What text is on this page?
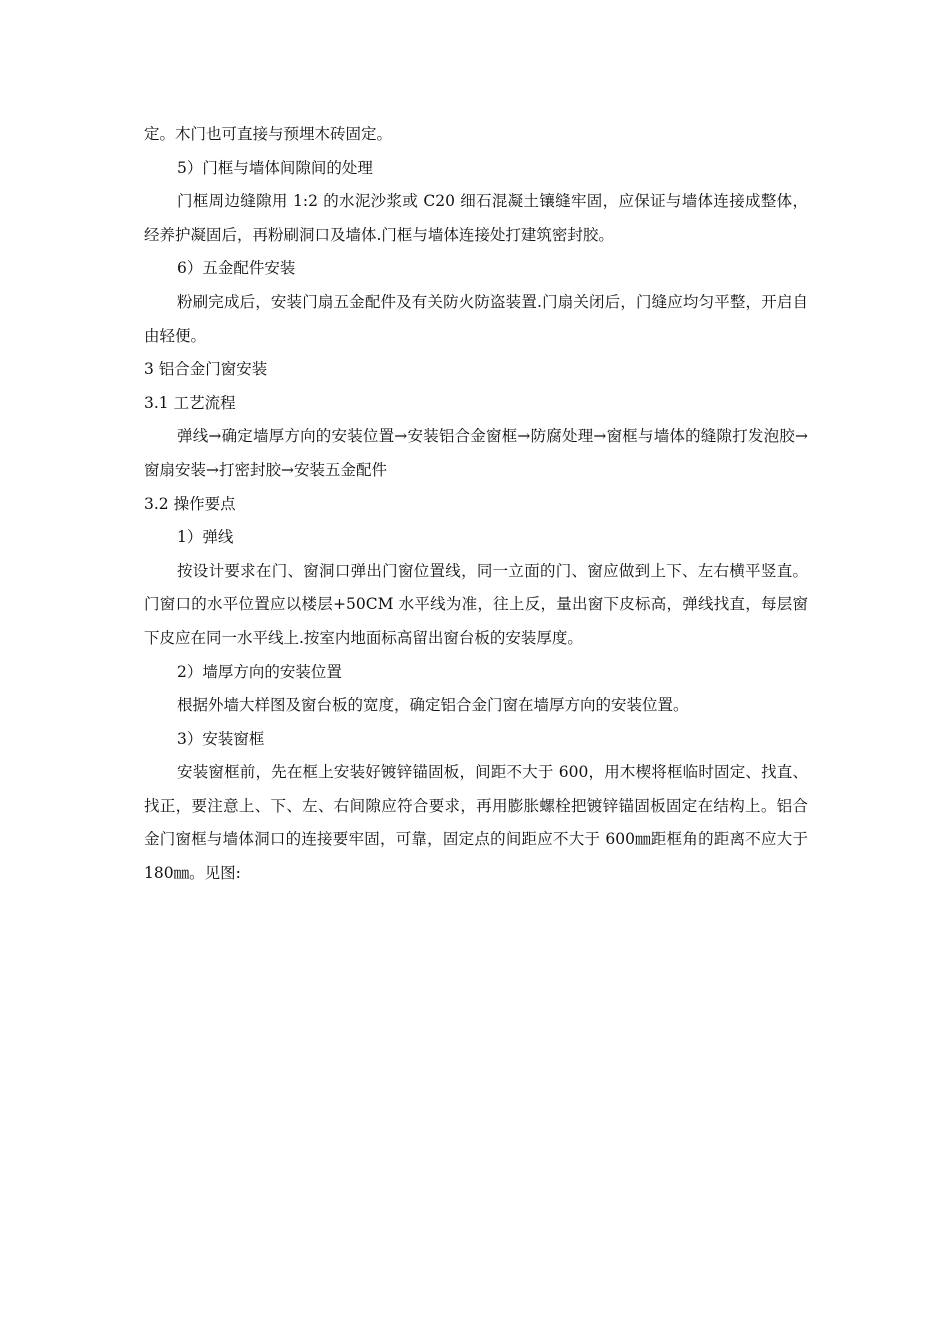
定。木门也可直接与预埋木砖固定。

5）门框与墙体间隙间的处理

门框周边缝隙用 1:2 的水泥沙浆或 C20 细石混凝土镶缝牢固，应保证与墙体连接成整体，经养护凝固后，再粉刷洞口及墙体.门框与墙体连接处打建筑密封胶。

6）五金配件安装

粉刷完成后，安装门扇五金配件及有关防火防盗装置.门扇关闭后，门缝应均匀平整，开启自由轻便。

3 铝合金门窗安装

3.1 工艺流程

弹线→确定墙厚方向的安装位置→安装铝合金窗框→防腐处理→窗框与墙体的缝隙打发泡胶→窗扇安装→打密封胶→安装五金配件

3.2 操作要点

1）弹线

按设计要求在门、窗洞口弹出门窗位置线，同一立面的门、窗应做到上下、左右横平竖直。门窗口的水平位置应以楼层+50CM 水平线为准，往上反，量出窗下皮标高，弹线找直，每层窗下皮应在同一水平线上.按室内地面标高留出窗台板的安装厚度。

2）墙厚方向的安装位置

根据外墙大样图及窗台板的宽度，确定铝合金门窗在墙厚方向的安装位置。

3）安装窗框

安装窗框前，先在框上安装好镀锌锚固板，间距不大于 600，用木楔将框临时固定、找直、找正，要注意上、下、左、右间隙应符合要求，再用膨胀螺栓把镀锌锚固板固定在结构上。铝合金门窗框与墙体洞口的连接要牢固，可靠，固定点的间距应不大于 600㎜距框角的距离不应大于 180㎜。见图:
